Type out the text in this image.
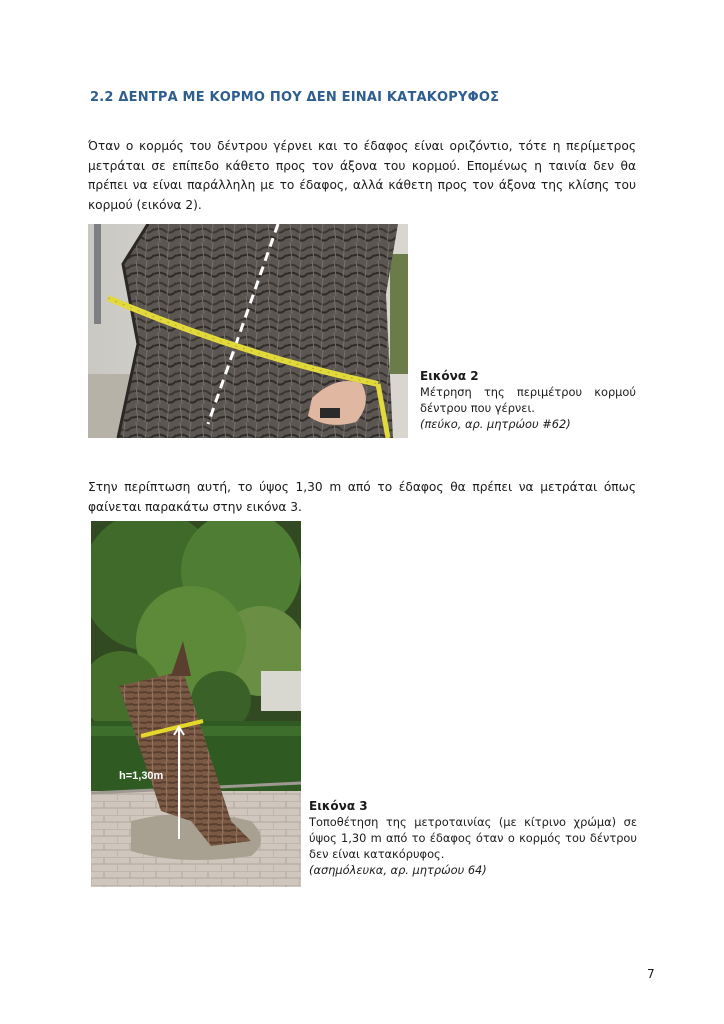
2.2 ΔΕΝΤΡΑ ΜΕ ΚΟΡΜΟ ΠΟΥ ΔΕΝ ΕΙΝΑΙ ΚΑΤΑΚΟΡΥΦΟΣ

Όταν ο κορμός του δέντρου γέρνει και το έδαφος είναι οριζόντιο, τότε η περίμετρος μετράται σε επίπεδο κάθετο προς τον άξονα του κορμού. Επομένως η ταινία δεν θα πρέπει να είναι παράλληλη με το έδαφος, αλλά κάθετη προς τον άξονα της κλίσης του κορμού (εικόνα 2).

Εικόνα 2
Μέτρηση της περιμέτρου κορμού δέντρου που γέρνει.
(πεύκο, αρ. μητρώου #62)

Στην περίπτωση αυτή, το ύψος 1,30 m από το έδαφος θα πρέπει να μετράται όπως φαίνεται παρακάτω στην εικόνα 3.

h=1,30m
Εικόνα 3
Τοποθέτηση της μετροταινίας (με κίτρινο χρώμα) σε ύψος 1,30 m από το έδαφος όταν ο κορμός του δέντρου δεν είναι κατακόρυφος.
(ασημόλευκα, αρ. μητρώου 64)
7
